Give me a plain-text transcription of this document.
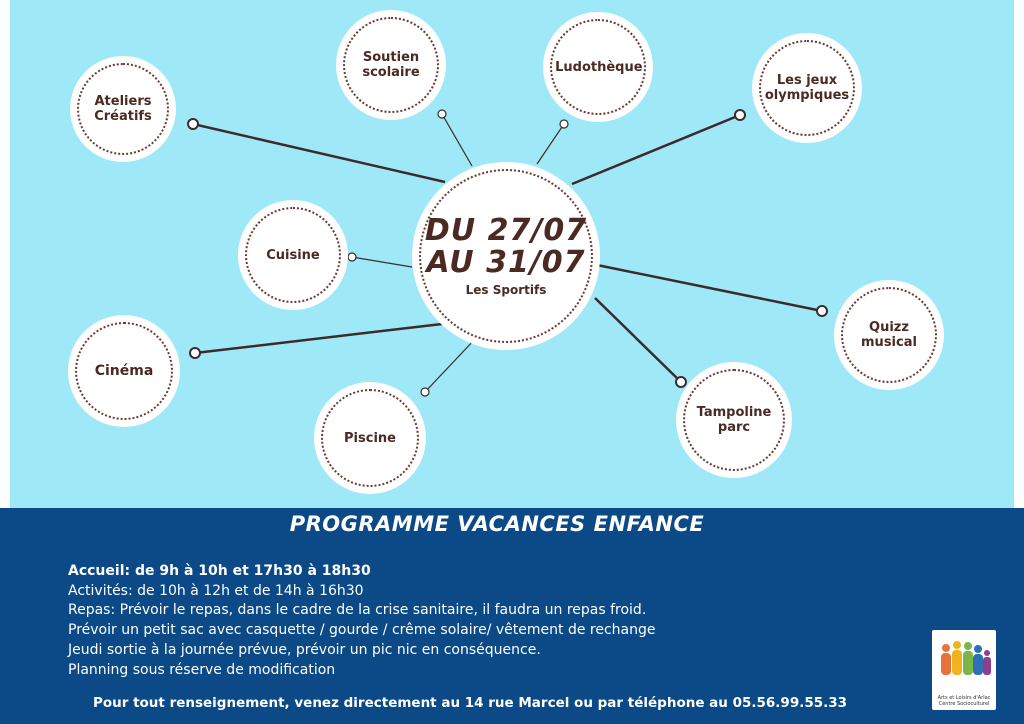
Ateliers Créatifs
Soutien scolaire	Ludothèque
Les jeux olympiques
Cuisine
Quizz musical
Cinéma
Piscine
Tampoline parc
DU 27/07
AU 31/07
Les Sportifs
PROGRAMME VACANCES ENFANCE
Accueil: de 9h à 10h et 17h30 à 18h30
Activités: de 10h à 12h et de 14h à 16h30
Repas: Prévoir le repas, dans le cadre de la crise sanitaire, il faudra un repas froid.
Prévoir un petit sac avec casquette / gourde / crême solaire/ vêtement de rechange
Jeudi sortie à la journée prévue, prévoir un pic nic en conséquence.
Planning sous réserve de modification
Pour tout renseignement, venez directement au 14 rue Marcel ou par téléphone au 05.56.99.55.33	Arts et Loisirs d'Arlac Centre Socioculturel
